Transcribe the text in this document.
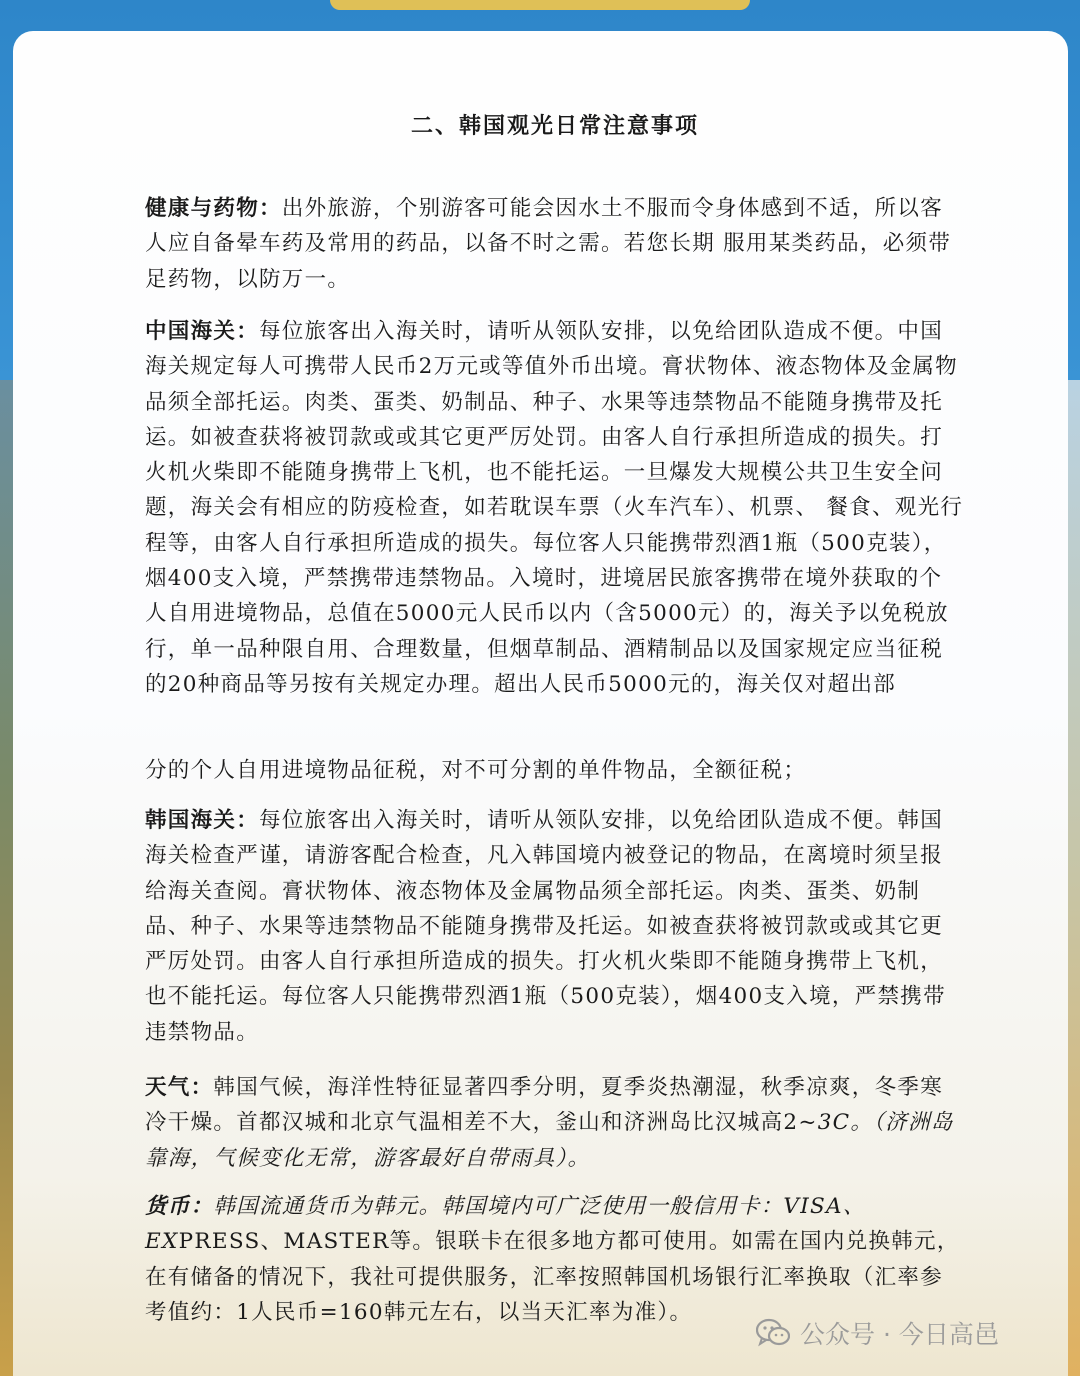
二、韩国观光日常注意事项

健康与药物：出外旅游，个别游客可能会因水土不服而令身体感到不适，所以客人应自备晕车药及常用的药品，以备不时之需。若您长期 服用某类药品，必须带足药物，以防万一。

中国海关：每位旅客出入海关时，请听从领队安排，以免给团队造成不便。中国海关规定每人可携带人民币2万元或等值外币出境。膏状物体、液态物体及金属物品须全部托运。肉类、蛋类、奶制品、种子、水果等违禁物品不能随身携带及托运。如被查获将被罚款或或其它更严厉处罚。由客人自行承担所造成的损失。打火机火柴即不能随身携带上飞机，也不能托运。一旦爆发大规模公共卫生安全问题，海关会有相应的防疫检查，如若耽误车票（火车汽车）、机票、 餐食、观光行程等，由客人自行承担所造成的损失。每位客人只能携带烈酒1瓶（500克装），烟400支入境，严禁携带违禁物品。入境时，进境居民旅客携带在境外获取的个人自用进境物品，总值在5000元人民币以内（含5000元）的，海关予以免税放行，单一品种限自用、合理数量，但烟草制品、酒精制品以及国家规定应当征税的20种商品等另按有关规定办理。超出人民币5000元的，海关仅对超出部

分的个人自用进境物品征税，对不可分割的单件物品，全额征税；

韩国海关：每位旅客出入海关时，请听从领队安排，以免给团队造成不便。韩国海关检查严谨，请游客配合检查，凡入韩国境内被登记的物品，在离境时须呈报给海关查阅。膏状物体、液态物体及金属物品须全部托运。肉类、蛋类、奶制品、种子、水果等违禁物品不能随身携带及托运。如被查获将被罚款或或其它更严厉处罚。由客人自行承担所造成的损失。打火机火柴即不能随身携带上飞机，也不能托运。每位客人只能携带烈酒1瓶（500克装），烟400支入境，严禁携带违禁物品。

天气：韩国气候，海洋性特征显著四季分明，夏季炎热潮湿，秋季凉爽，冬季寒冷干燥。首都汉城和北京气温相差不大，釜山和济洲岛比汉城高2~3C。（济洲岛靠海，气候变化无常，游客最好自带雨具）。

货币：韩国流通货币为韩元。韩国境内可广泛使用一般信用卡：VISA、EXPRESS、MASTER等。银联卡在很多地方都可使用。如需在国内兑换韩元，在有储备的情况下，我社可提供服务，汇率按照韩国机场银行汇率换取（汇率参考值约：1人民币=160韩元左右，以当天汇率为准）。

公众号 · 今日高邑
